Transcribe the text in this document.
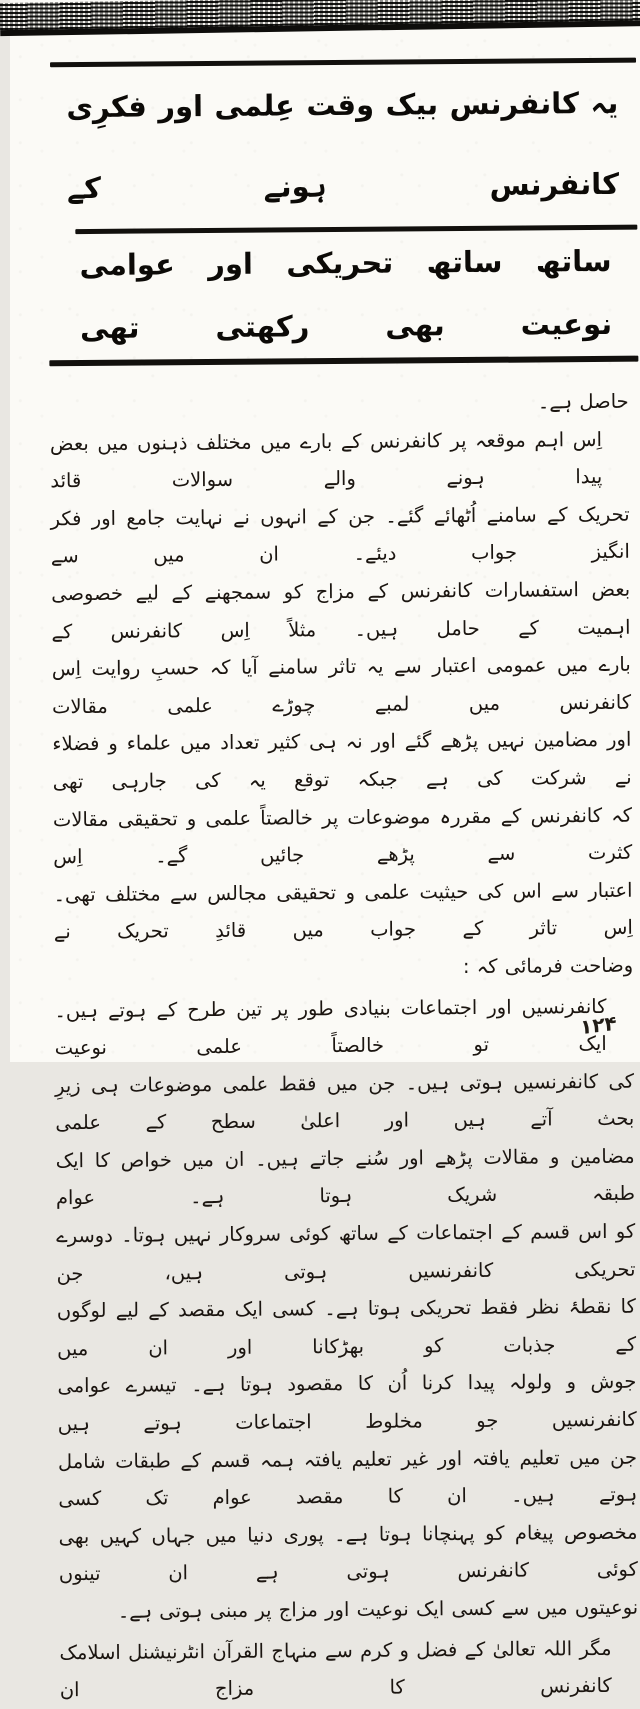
یہ کانفرنس بیک وقت عِلمی اور فکرِی کانفرنس ہونے کے
ساتھ ساتھ تحریکی اور عوامی نوعیت بھی رکھتی تھی
حاصل ہے۔
اِس اہم موقعہ پر کانفرنس کے بارے میں مختلف ذہنوں میں بعض پیدا ہونے والے سوالات قائد
تحریک کے سامنے اُٹھائے گئے۔ جن کے انہوں نے نہایت جامع اور فکر انگیز جواب دیئے۔ ان میں سے
بعض استفسارات کانفرنس کے مزاج کو سمجھنے کے لیے خصوصی اہمیت کے حامل ہیں۔ مثلاً اِس کانفرنس کے
بارے میں عمومی اعتبار سے یہ تاثر سامنے آیا کہ حسبِ روایت اِس کانفرنس میں لمبے چوڑے علمی مقالات
اور مضامین نہیں پڑھے گئے اور نہ ہی کثیر تعداد میں علماء و فضلاء نے شرکت کی ہے جبکہ توقع یہ کی جارہی تھی
کہ کانفرنس کے مقررہ موضوعات پر خالصتاً علمی و تحقیقی مقالات کثرت سے پڑھے جائیں گے۔ اِس
اعتبار سے اس کی حیثیت علمی و تحقیقی مجالس سے مختلف تھی۔ اِس تاثر کے جواب میں قائدِ تحریک نے
وضاحت فرمائی کہ :
کانفرنسیں اور اجتماعات بنیادی طور پر تین طرح کے ہوتے ہیں۔ ایک تو خالصتاً علمی نوعیت
کی کانفرنسیں ہوتی ہیں۔ جن میں فقط علمی موضوعات ہی زیرِ بحث آتے ہیں اور اعلیٰ سطح کے علمی
مضامین و مقالات پڑھے اور سُنے جاتے ہیں۔ ان میں خواص کا ایک طبقہ شریک ہوتا ہے۔ عوام
کو اس قسم کے اجتماعات کے ساتھ کوئی سروکار نہیں ہوتا۔ دوسرے تحریکی کانفرنسیں ہوتی ہیں، جن
کا نقطۂ نظر فقط تحریکی ہوتا ہے۔ کسی ایک مقصد کے لیے لوگوں کے جذبات کو بھڑکانا اور ان میں
جوش و ولولہ پیدا کرنا اُن کا مقصود ہوتا ہے۔ تیسرے عوامی کانفرنسیں جو مخلوط اجتماعات ہوتے ہیں
جن میں تعلیم یافتہ اور غیر تعلیم یافتہ ہمہ قسم کے طبقات شامل ہوتے ہیں۔ ان کا مقصد عوام تک کسی
مخصوص پیغام کو پہنچانا ہوتا ہے۔ پوری دنیا میں جہاں کہیں بھی کوئی کانفرنس ہوتی ہے ان تینوں
نوعیتوں میں سے کسی ایک نوعیت اور مزاج پر مبنی ہوتی ہے۔
مگر اللہ تعالیٰ کے فضل و کرم سے منہاج القرآن انٹرنیشنل اسلامک کانفرنس کا مزاج ان
۱۲۴
